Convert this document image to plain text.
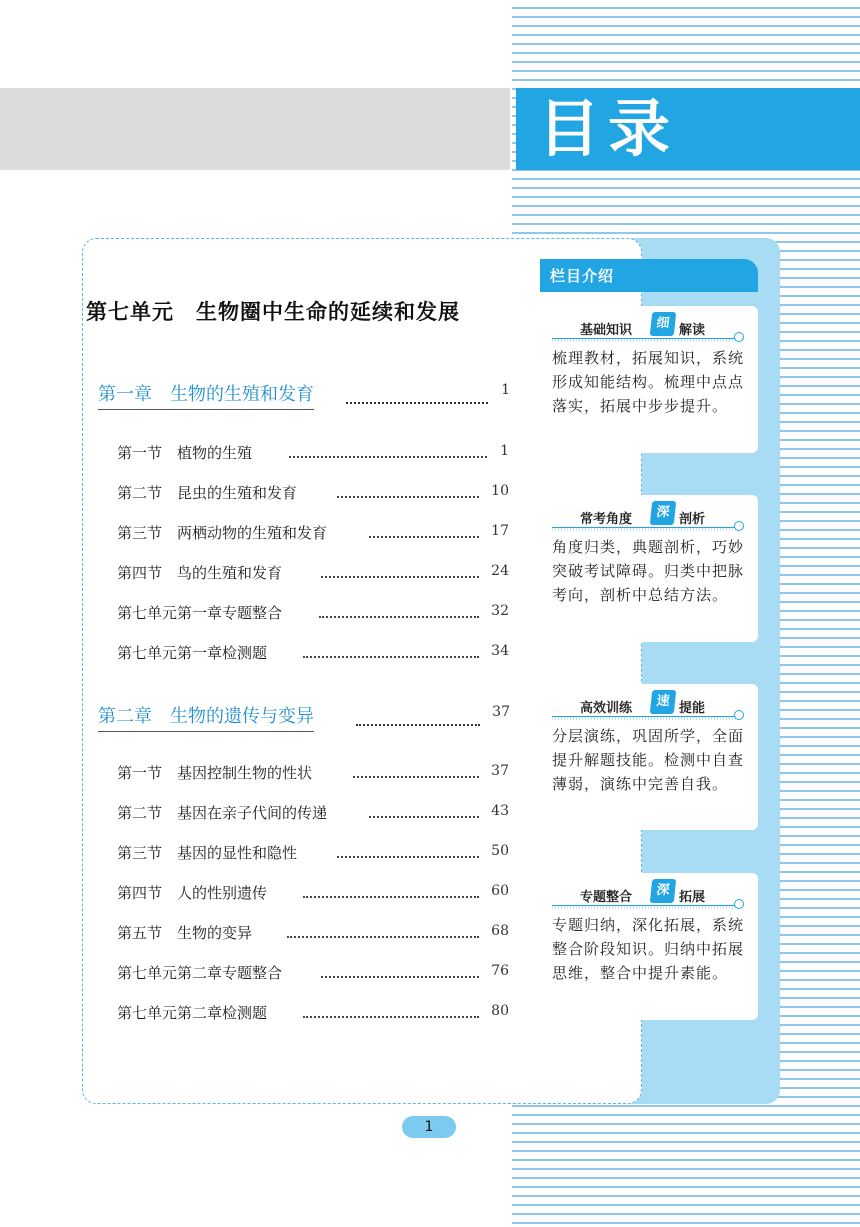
目录
第七单元　生物圈中生命的延续和发展
第一章　生物的生殖和发育	1
第一节　植物的生殖	1
第二节　昆虫的生殖和发育	10
第三节　两栖动物的生殖和发育	17
第四节　鸟的生殖和发育	24
第七单元第一章专题整合	32
第七单元第一章检测题	34
第二章　生物的遗传与变异	37
第一节　基因控制生物的性状	37
第二节　基因在亲子代间的传递	43
第三节　基因的显性和隐性	50
第四节　人的性别遗传	60
第五节　生物的变异	68
第七单元第二章专题整合	76
第七单元第二章检测题	80
栏目介绍
基础知识	细 解读
梳理教材，拓展知识，系统形成知能结构。梳理中点点落实，拓展中步步提升。
常考角度	深 剖析
角度归类，典题剖析，巧妙突破考试障碍。归类中把脉考向，剖析中总结方法。
高效训练	速 提能
分层演练，巩固所学，全面提升解题技能。检测中自查薄弱，演练中完善自我。
专题整合	深 拓展
专题归纳，深化拓展，系统整合阶段知识。归纳中拓展思维，整合中提升素能。
1
